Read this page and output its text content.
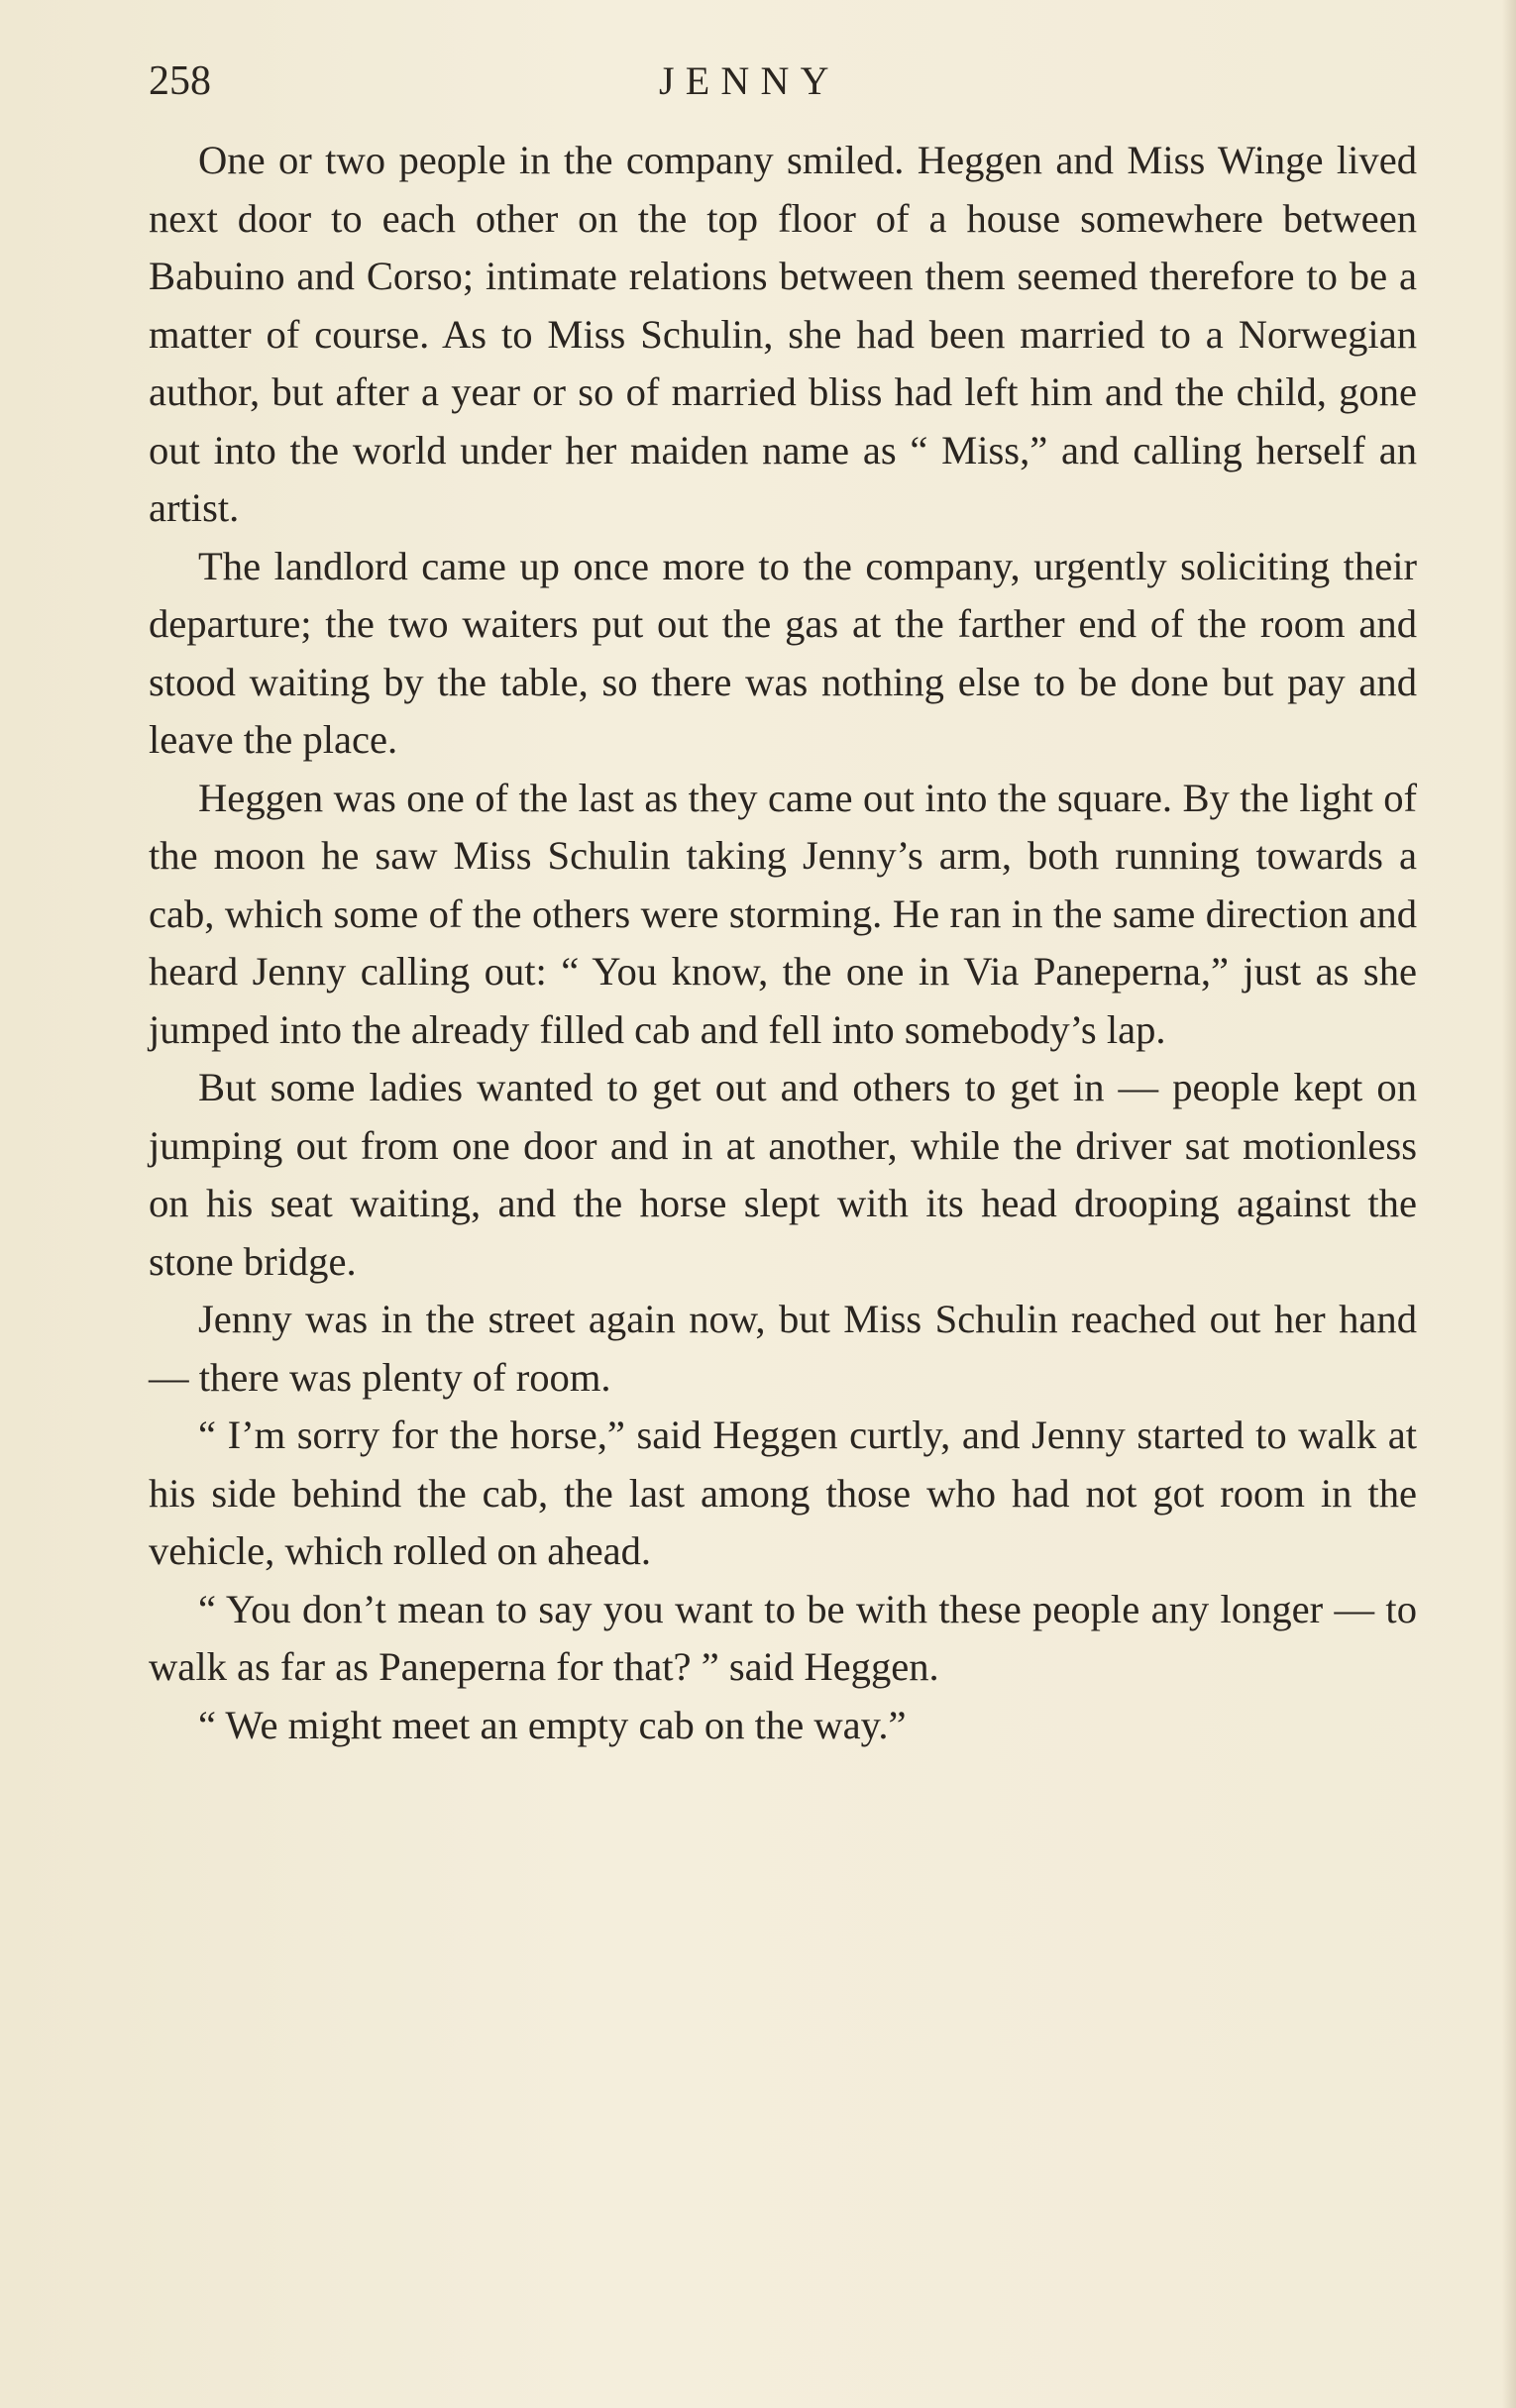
258	JENNY

One or two people in the company smiled. Heggen and Miss Winge lived next door to each other on the top floor of a house somewhere between Babuino and Corso; intimate relations between them seemed therefore to be a matter of course. As to Miss Schulin, she had been married to a Norwegian author, but after a year or so of married bliss had left him and the child, gone out into the world under her maiden name as “ Miss,” and calling herself an artist.

The landlord came up once more to the company, urgently soliciting their departure; the two waiters put out the gas at the farther end of the room and stood waiting by the table, so there was nothing else to be done but pay and leave the place.

Heggen was one of the last as they came out into the square. By the light of the moon he saw Miss Schulin taking Jenny’s arm, both running towards a cab, which some of the others were storming. He ran in the same direction and heard Jenny calling out: “ You know, the one in Via Paneperna,” just as she jumped into the already filled cab and fell into somebody’s lap.

But some ladies wanted to get out and others to get in — people kept on jumping out from one door and in at another, while the driver sat motionless on his seat waiting, and the horse slept with its head drooping against the stone bridge.

Jenny was in the street again now, but Miss Schulin reached out her hand — there was plenty of room.

“ I’m sorry for the horse,” said Heggen curtly, and Jenny started to walk at his side behind the cab, the last among those who had not got room in the vehicle, which rolled on ahead.

“ You don’t mean to say you want to be with these people any longer — to walk as far as Paneperna for that? ” said Heggen.

“ We might meet an empty cab on the way.”
